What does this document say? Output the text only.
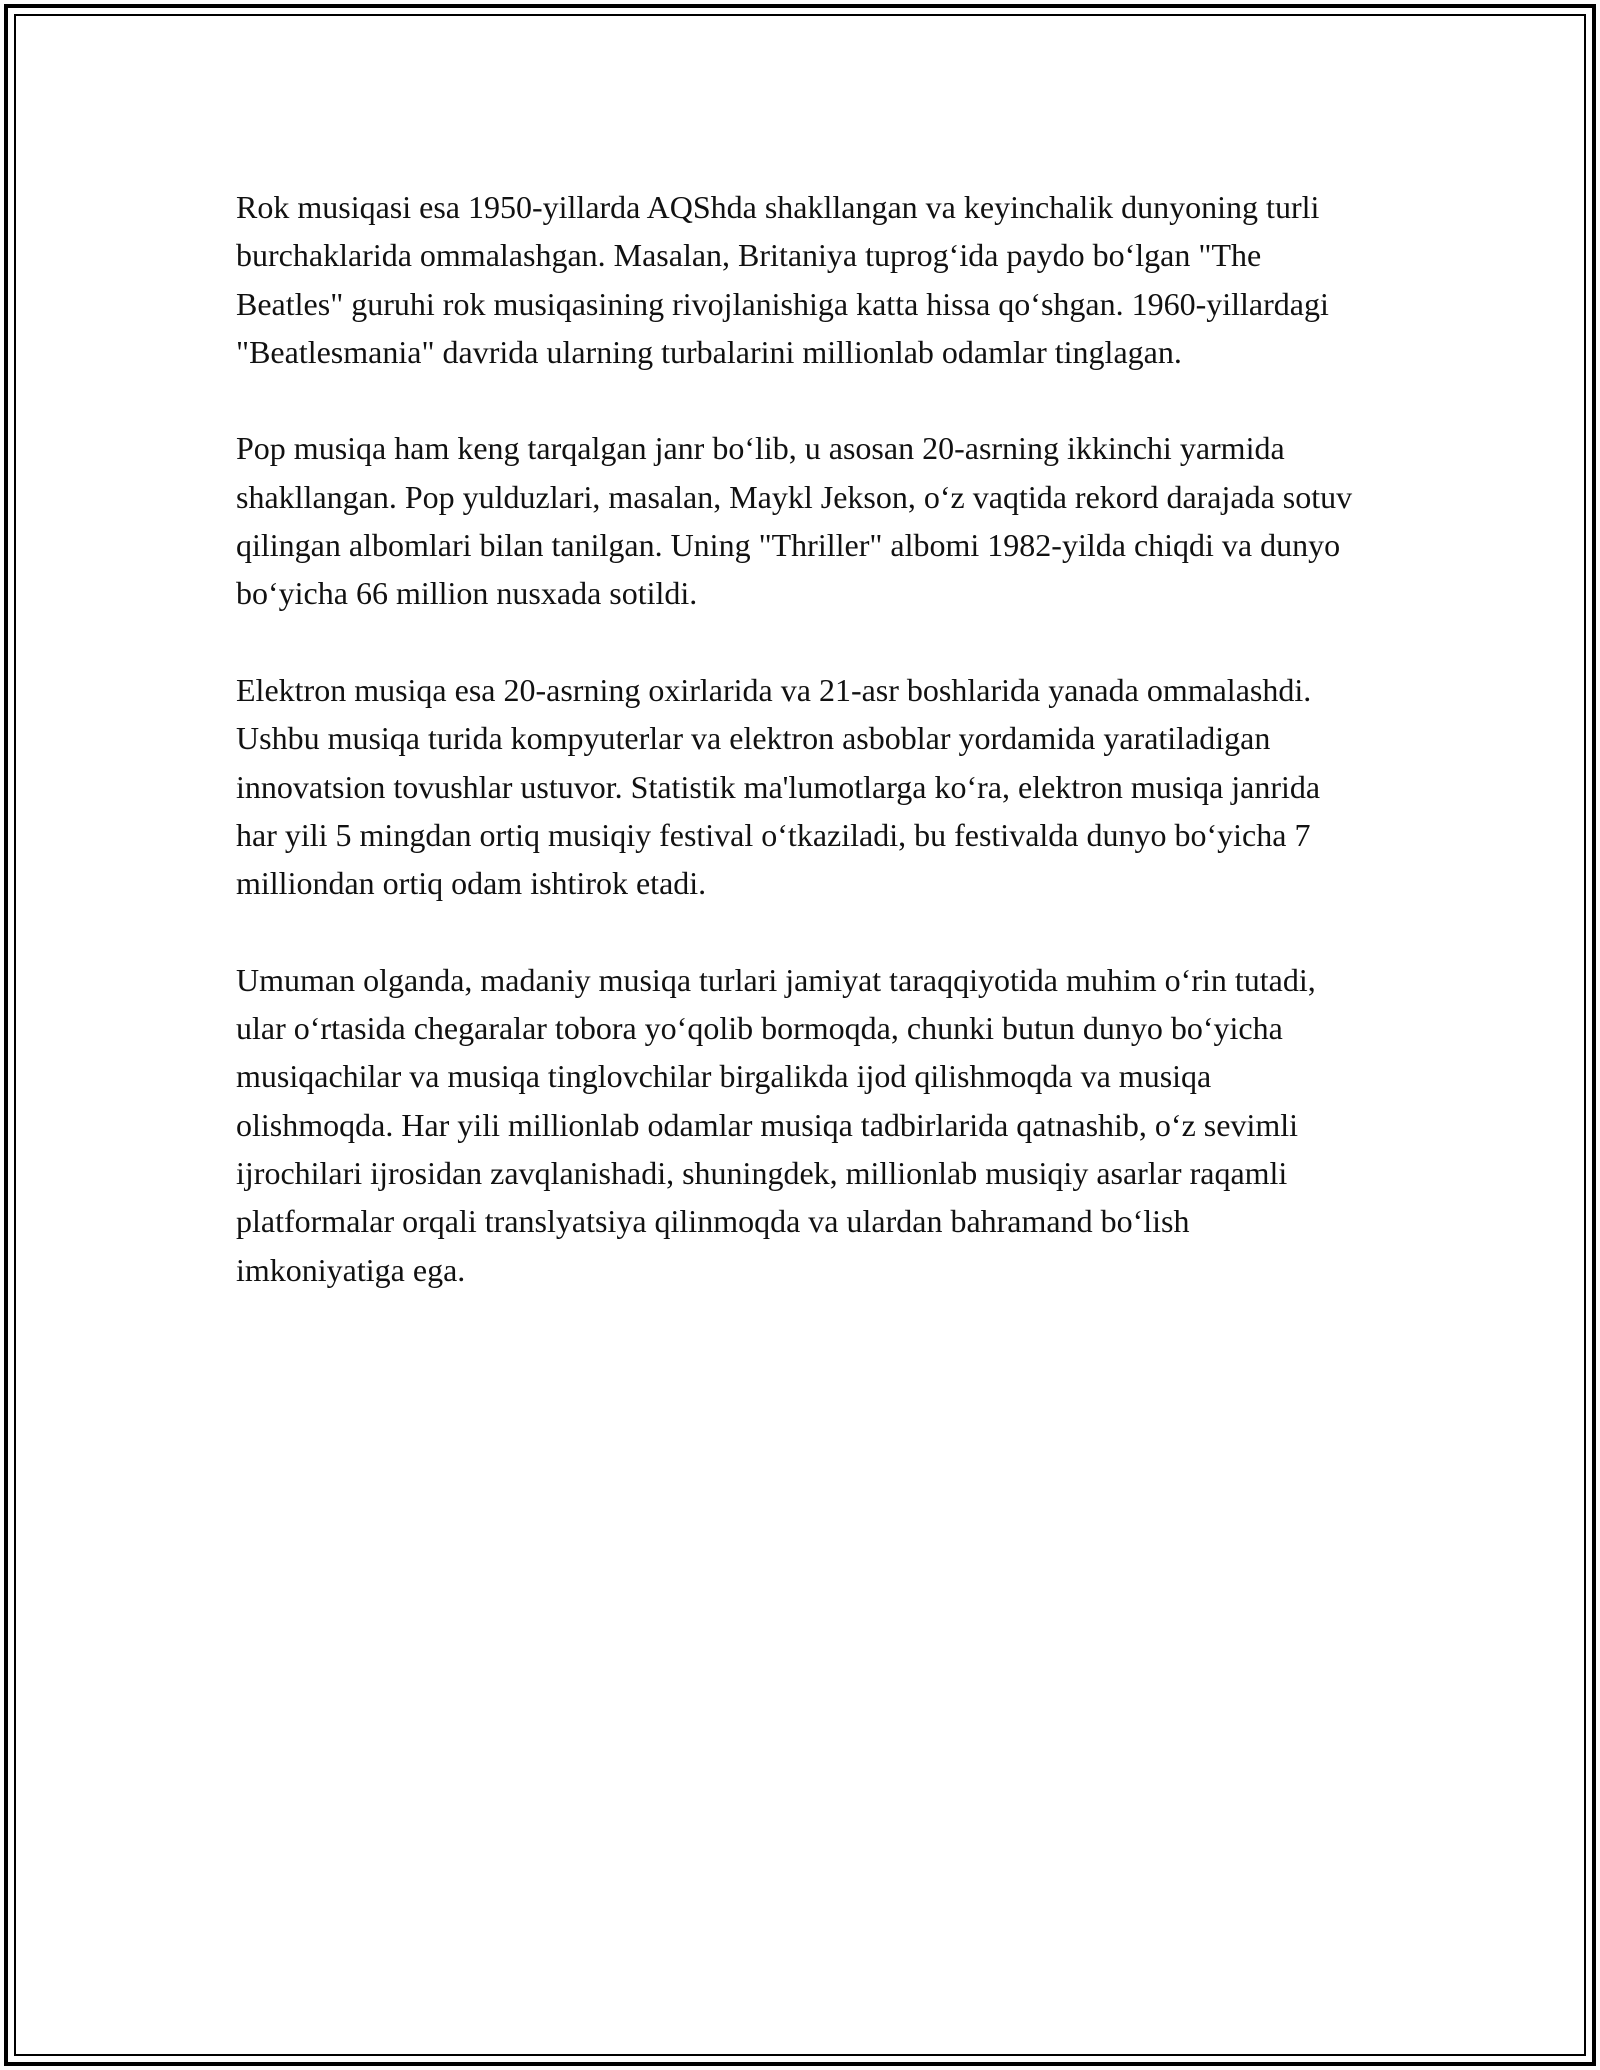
Rok musiqasi esa 1950-yillarda AQShda shakllangan va keyinchalik dunyoning turli burchaklarida ommalashgan. Masalan, Britaniya tuprog‘ida paydo bo‘lgan "The Beatles" guruhi rok musiqasining rivojlanishiga katta hissa qo‘shgan. 1960-yillardagi "Beatlesmania" davrida ularning turbalarini millionlab odamlar tinglagan.

Pop musiqa ham keng tarqalgan janr bo‘lib, u asosan 20-asrning ikkinchi yarmida shakllangan. Pop yulduzlari, masalan, Maykl Jekson, o‘z vaqtida rekord darajada sotuv qilingan albomlari bilan tanilgan. Uning "Thriller" albomi 1982-yilda chiqdi va dunyo bo‘yicha 66 million nusxada sotildi.

Elektron musiqa esa 20-asrning oxirlarida va 21-asr boshlarida yanada ommalashdi. Ushbu musiqa turida kompyuterlar va elektron asboblar yordamida yaratiladigan innovatsion tovushlar ustuvor. Statistik ma'lumotlarga ko‘ra, elektron musiqa janrida har yili 5 mingdan ortiq musiqiy festival o‘tkaziladi, bu festivalda dunyo bo‘yicha 7 milliondan ortiq odam ishtirok etadi.

Umuman olganda, madaniy musiqa turlari jamiyat taraqqiyotida muhim o‘rin tutadi, ular o‘rtasida chegaralar tobora yo‘qolib bormoqda, chunki butun dunyo bo‘yicha musiqachilar va musiqa tinglovchilar birgalikda ijod qilishmoqda va musiqa olishmoqda. Har yili millionlab odamlar musiqa tadbirlarida qatnashib, o‘z sevimli ijrochilari ijrosidan zavqlanishadi, shuningdek, millionlab musiqiy asarlar raqamli platformalar orqali translyatsiya qilinmoqda va ulardan bahramand bo‘lish imkoniyatiga ega.
